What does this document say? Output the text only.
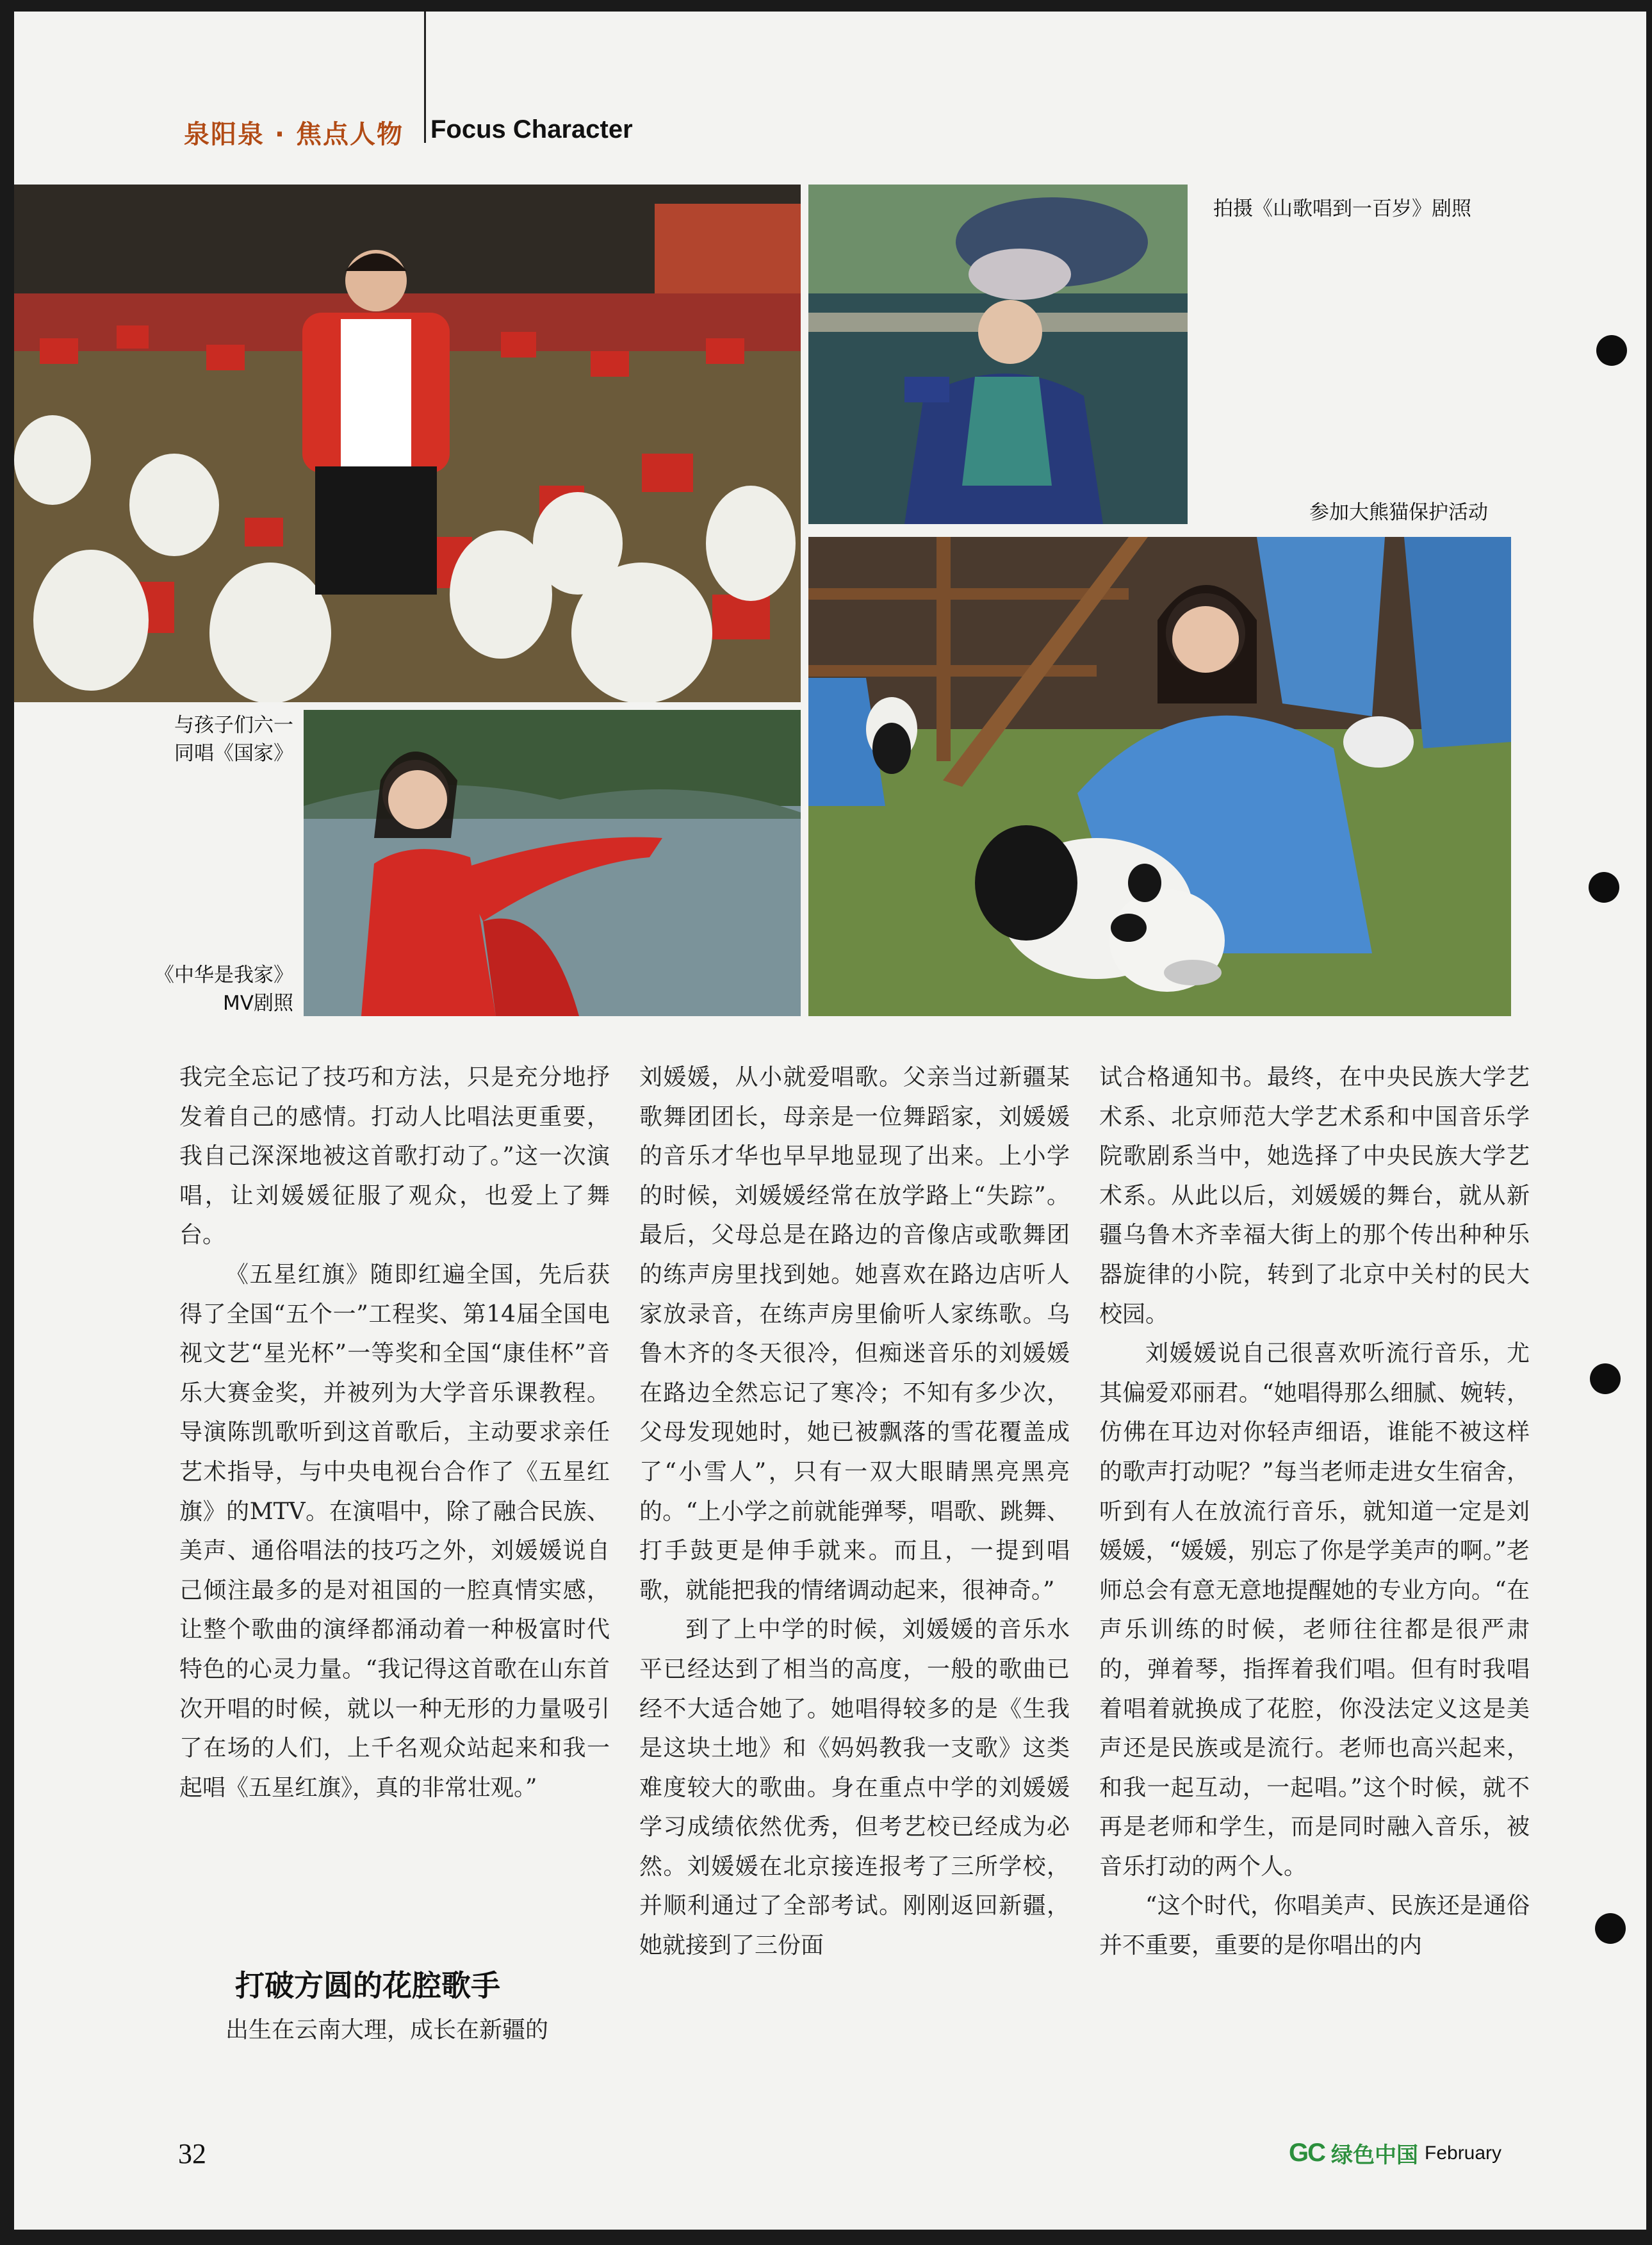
泉阳泉 · 焦点人物 Focus Character
拍摄《山歌唱到一百岁》剧照
参加大熊猫保护活动
与孩子们六一
同唱《国家》
《中华是我家》
MV剧照

我完全忘记了技巧和方法，只是充分地抒发着自己的感情。打动人比唱法更重要，我自己深深地被这首歌打动了。”这一次演唱，让刘媛媛征服了观众，也爱上了舞台。

《五星红旗》随即红遍全国，先后获得了全国“五个一”工程奖、第14届全国电视文艺“星光杯”一等奖和全国“康佳杯”音乐大赛金奖，并被列为大学音乐课教程。导演陈凯歌听到这首歌后，主动要求亲任艺术指导，与中央电视台合作了《五星红旗》的MTV。在演唱中，除了融合民族、美声、通俗唱法的技巧之外，刘媛媛说自己倾注最多的是对祖国的一腔真情实感，让整个歌曲的演绎都涌动着一种极富时代特色的心灵力量。“我记得这首歌在山东首次开唱的时候，就以一种无形的力量吸引了在场的人们，上千名观众站起来和我一起唱《五星红旗》，真的非常壮观。”

打破方圆的花腔歌手

出生在云南大理，成长在新疆的

刘媛媛，从小就爱唱歌。父亲当过新疆某歌舞团团长，母亲是一位舞蹈家，刘媛媛的音乐才华也早早地显现了出来。上小学的时候，刘媛媛经常在放学路上“失踪”。最后，父母总是在路边的音像店或歌舞团的练声房里找到她。她喜欢在路边店听人家放录音，在练声房里偷听人家练歌。乌鲁木齐的冬天很冷，但痴迷音乐的刘媛媛在路边全然忘记了寒冷；不知有多少次，父母发现她时，她已被飘落的雪花覆盖成了“小雪人”，只有一双大眼睛黑亮黑亮的。“上小学之前就能弹琴，唱歌、跳舞、打手鼓更是伸手就来。而且，一提到唱歌，就能把我的情绪调动起来，很神奇。”

到了上中学的时候，刘媛媛的音乐水平已经达到了相当的高度，一般的歌曲已经不大适合她了。她唱得较多的是《生我是这块土地》和《妈妈教我一支歌》这类难度较大的歌曲。身在重点中学的刘媛媛学习成绩依然优秀，但考艺校已经成为必然。刘媛媛在北京接连报考了三所学校，并顺利通过了全部考试。刚刚返回新疆，她就接到了三份面

试合格通知书。最终，在中央民族大学艺术系、北京师范大学艺术系和中国音乐学院歌剧系当中，她选择了中央民族大学艺术系。从此以后，刘媛媛的舞台，就从新疆乌鲁木齐幸福大街上的那个传出种种乐器旋律的小院，转到了北京中关村的民大校园。

刘媛媛说自己很喜欢听流行音乐，尤其偏爱邓丽君。“她唱得那么细腻、婉转，仿佛在耳边对你轻声细语，谁能不被这样的歌声打动呢？”每当老师走进女生宿舍，听到有人在放流行音乐，就知道一定是刘媛媛，“媛媛，别忘了你是学美声的啊。”老师总会有意无意地提醒她的专业方向。“在声乐训练的时候，老师往往都是很严肃的，弹着琴，指挥着我们唱。但有时我唱着唱着就换成了花腔，你没法定义这是美声还是民族或是流行。老师也高兴起来，和我一起互动，一起唱。”这个时候，就不再是老师和学生，而是同时融入音乐，被音乐打动的两个人。

“这个时代，你唱美声、民族还是通俗并不重要，重要的是你唱出的内

32	GC 绿色中国 February
